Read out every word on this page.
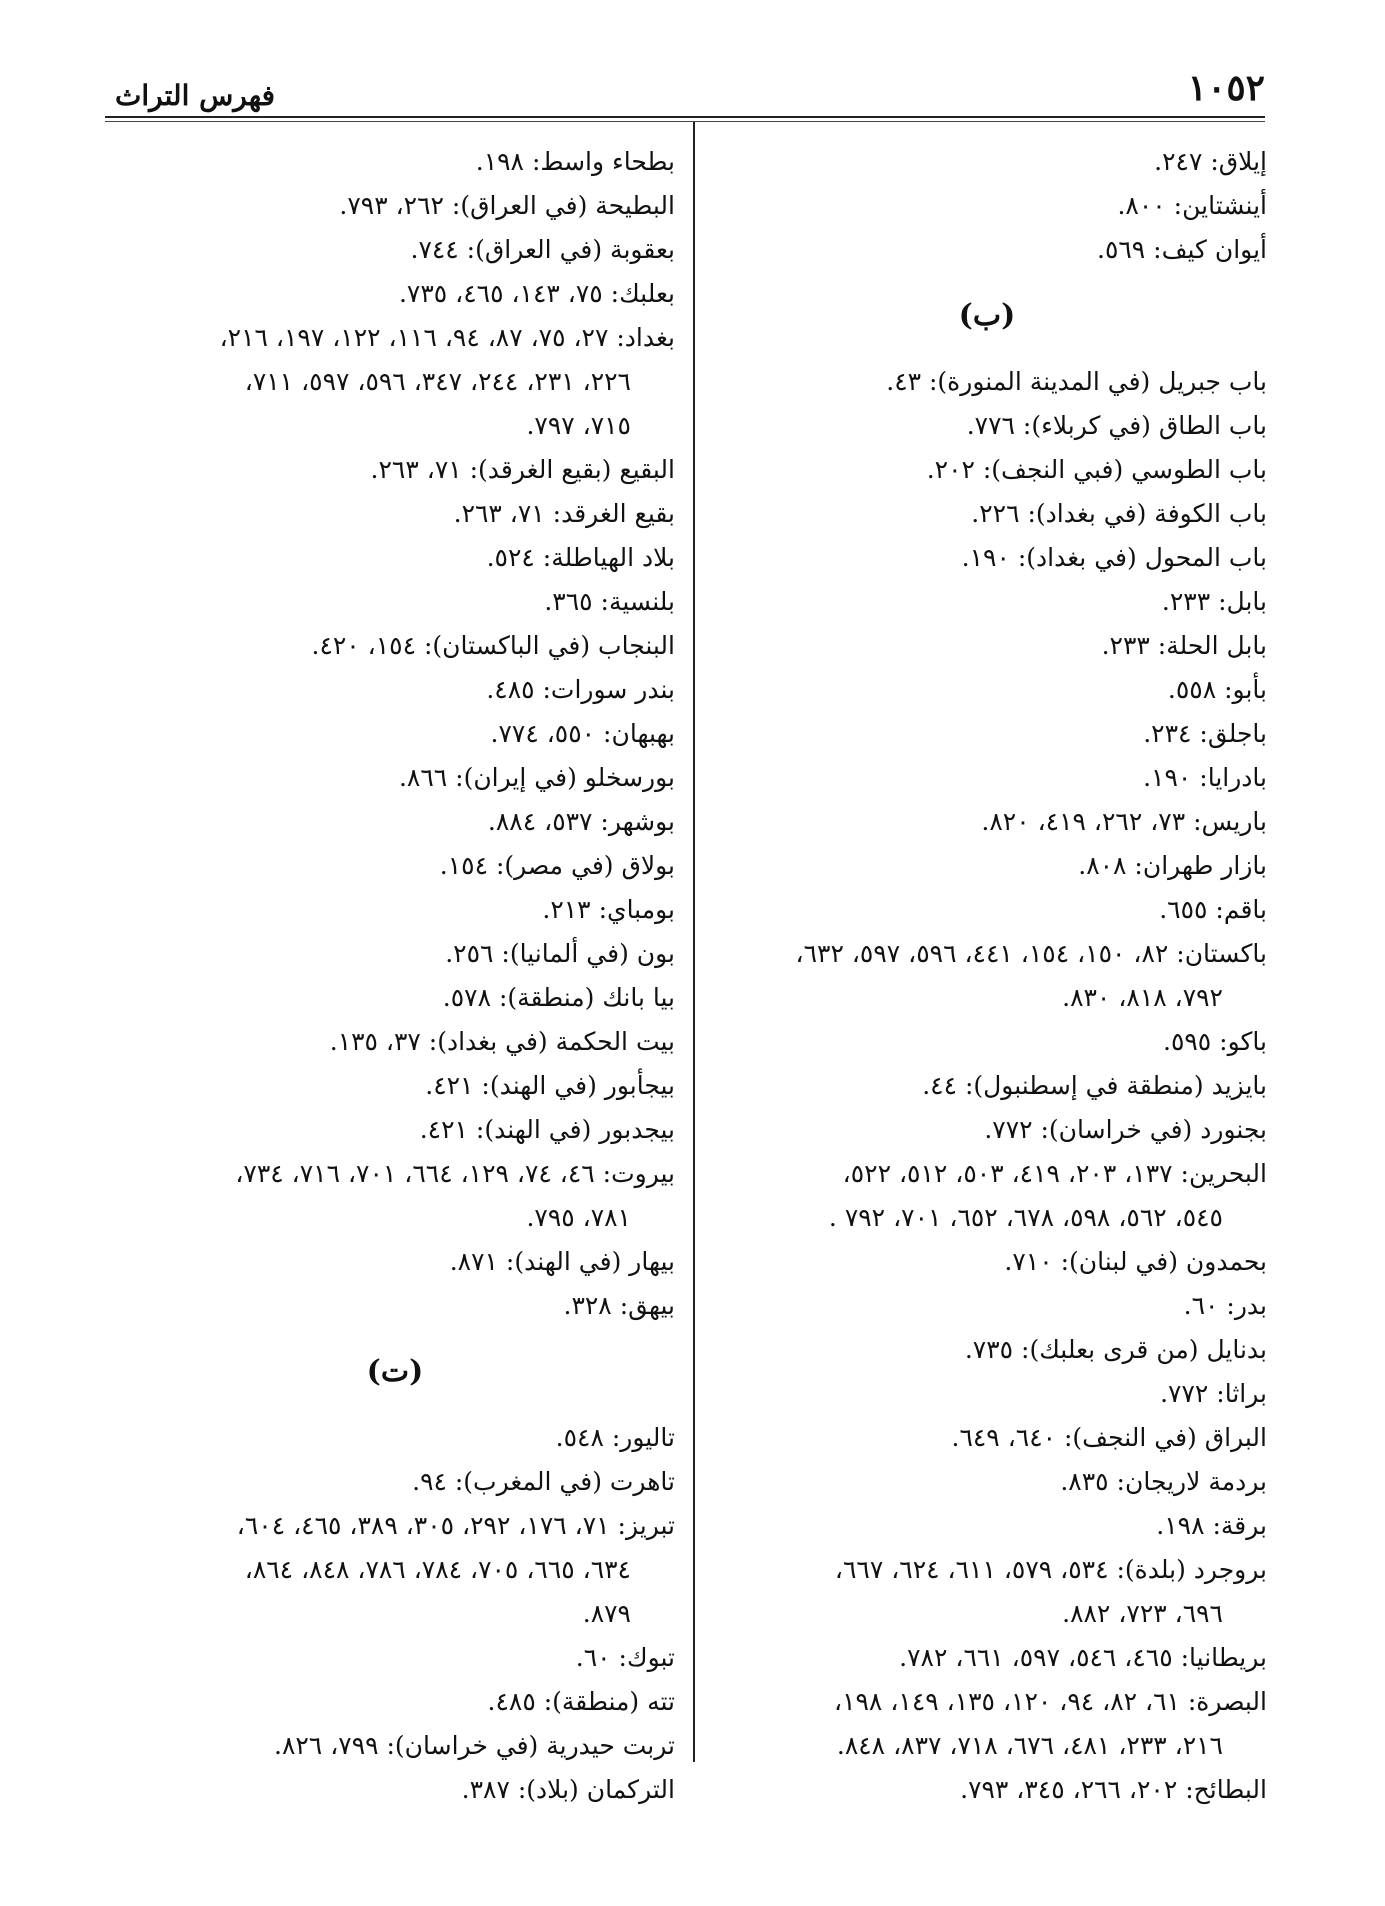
١٠٥٢
فهرس التراث
إيلاق: ٢٤٧.
أينشتاين: ٨٠٠.
أيوان كيف: ٥٦٩.
(ب)
باب جبريل (في المدينة المنورة): ٤٣.
باب الطاق (في كربلاء): ٧٧٦.
باب الطوسي (فبي النجف): ٢٠٢.
باب الكوفة (في بغداد): ٢٢٦.
باب المحول (في بغداد): ١٩٠.
بابل: ٢٣٣.
بابل الحلة: ٢٣٣.
بأبو: ٥٥٨.
باجلق: ٢٣٤.
بادرايا: ١٩٠.
باريس: ٧٣، ٢٦٢، ٤١٩، ٨٢٠.
بازار طهران: ٨٠٨.
باقم: ٦٥٥.
باكستان: ٨٢، ١٥٠، ١٥٤، ٤٤١، ٥٩٦، ٥٩٧، ٦٣٢،
٧٩٢، ٨١٨، ٨٣٠.
باكو: ٥٩٥.
بايزيد (منطقة في إسطنبول): ٤٤.
بجنورد (في خراسان): ٧٧٢.
البحرين: ١٣٧، ٢٠٣، ٤١٩، ٥٠٣، ٥١٢، ٥٢٢،
٥٤٥، ٥٦٢، ٥٩٨، ٦٧٨، ٦٥٢، ٧٠١، ٧٩٢ .
بحمدون (في لبنان): ٧١٠.
بدر: ٦٠.
بدنايل (من قرى بعلبك): ٧٣٥.
براثا: ٧٧٢.
البراق (في النجف): ٦٤٠، ٦٤٩.
بردمة لاريجان: ٨٣٥.
برقة: ١٩٨.
بروجرد (بلدة): ٥٣٤، ٥٧٩، ٦١١، ٦٢٤، ٦٦٧،
٦٩٦، ٧٢٣، ٨٨٢.
بريطانيا: ٤٦٥، ٥٤٦، ٥٩٧، ٦٦١، ٧٨٢.
البصرة: ٦١، ٨٢، ٩٤، ١٢٠، ١٣٥، ١٤٩، ١٩٨،
٢١٦، ٢٣٣، ٤٨١، ٦٧٦، ٧١٨، ٨٣٧، ٨٤٨.
البطائح: ٢٠٢، ٢٦٦، ٣٤٥، ٧٩٣.
بطحاء واسط: ١٩٨.
البطيحة (في العراق): ٢٦٢، ٧٩٣.
بعقوبة (في العراق): ٧٤٤.
بعلبك: ٧٥، ١٤٣، ٤٦٥، ٧٣٥.
بغداد: ٢٧، ٧٥، ٨٧، ٩٤، ١١٦، ١٢٢، ١٩٧، ٢١٦،
٢٢٦، ٢٣١، ٢٤٤، ٣٤٧، ٥٩٦، ٥٩٧، ٧١١،
٧١٥، ٧٩٧.
البقيع (بقيع الغرقد): ٧١، ٢٦٣.
بقيع الغرقد: ٧١، ٢٦٣.
بلاد الهياطلة: ٥٢٤.
بلنسية: ٣٦٥.
البنجاب (في الباكستان): ١٥٤، ٤٢٠.
بندر سورات: ٤٨٥.
بهبهان: ٥٥٠، ٧٧٤.
بورسخلو (في إيران): ٨٦٦.
بوشهر: ٥٣٧، ٨٨٤.
بولاق (في مصر): ١٥٤.
بومباي: ٢١٣.
بون (في ألمانيا): ٢٥٦.
بيا بانك (منطقة): ٥٧٨.
بيت الحكمة (في بغداد): ٣٧، ١٣٥.
بيجأبور (في الهند): ٤٢١.
بيجدبور (في الهند): ٤٢١.
بيروت: ٤٦، ٧٤، ١٢٩، ٦٦٤، ٧٠١، ٧١٦، ٧٣٤،
٧٨١، ٧٩٥.
بيهار (في الهند): ٨٧١.
بيهق: ٣٢٨.
(ت)
تاليور: ٥٤٨.
تاهرت (في المغرب): ٩٤.
تبريز: ٧١، ١٧٦، ٢٩٢، ٣٠٥، ٣٨٩، ٤٦٥، ٦٠٤،
٦٣٤، ٦٦٥، ٧٠٥، ٧٨٤، ٧٨٦، ٨٤٨، ٨٦٤،
٨٧٩.
تبوك: ٦٠.
تته (منطقة): ٤٨٥.
تربت حيدرية (في خراسان): ٧٩٩، ٨٢٦.
التركمان (بلاد): ٣٨٧.
